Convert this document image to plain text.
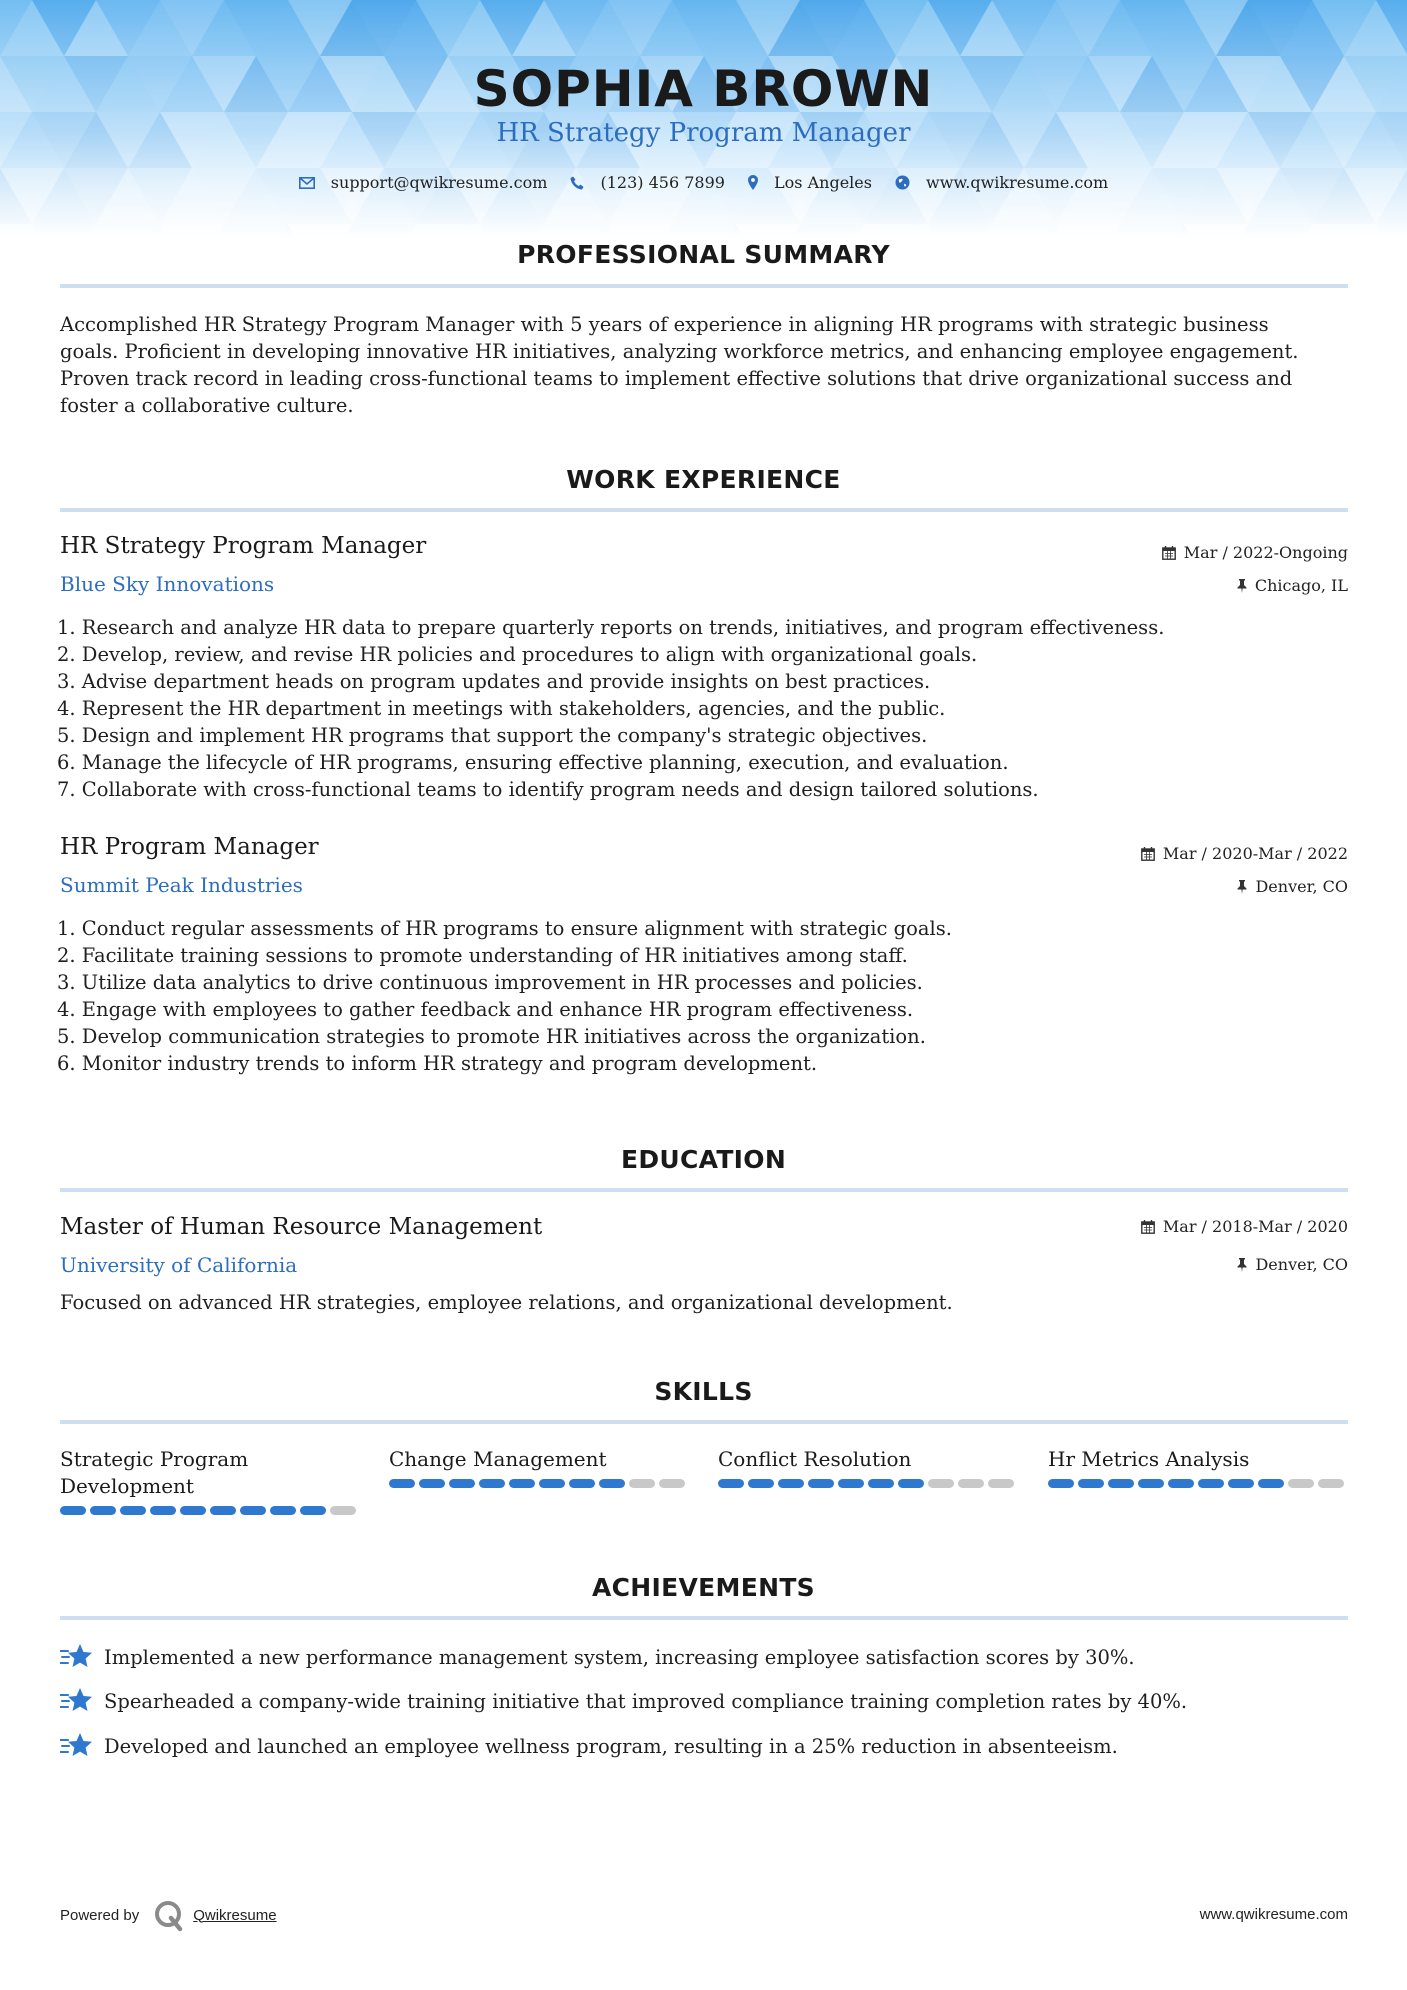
SOPHIA BROWN
HR Strategy Program Manager
support@qwikresume.com
	(123) 456 7899
	Los Angeles
	www.qwikresume.com
PROFESSIONAL SUMMARY
Accomplished HR Strategy Program Manager with 5 years of experience in aligning HR programs with strategic business
goals. Proficient in developing innovative HR initiatives, analyzing workforce metrics, and enhancing employee engagement.
Proven track record in leading cross-functional teams to implement effective solutions that drive organizational success and
foster a collaborative culture.
WORK EXPERIENCE
HR Strategy Program Manager
Blue Sky Innovations
Mar / 2022-Ongoing
Chicago, IL
1. Research and analyze HR data to prepare quarterly reports on trends, initiatives, and program effectiveness.
2. Develop, review, and revise HR policies and procedures to align with organizational goals.
3. Advise department heads on program updates and provide insights on best practices.
4. Represent the HR department in meetings with stakeholders, agencies, and the public.
5. Design and implement HR programs that support the company's strategic objectives.
6. Manage the lifecycle of HR programs, ensuring effective planning, execution, and evaluation.
7. Collaborate with cross-functional teams to identify program needs and design tailored solutions.
HR Program Manager
Summit Peak Industries
Mar / 2020-Mar / 2022
Denver, CO
1. Conduct regular assessments of HR programs to ensure alignment with strategic goals.
2. Facilitate training sessions to promote understanding of HR initiatives among staff.
3. Utilize data analytics to drive continuous improvement in HR processes and policies.
4. Engage with employees to gather feedback and enhance HR program effectiveness.
5. Develop communication strategies to promote HR initiatives across the organization.
6. Monitor industry trends to inform HR strategy and program development.
EDUCATION
Master of Human Resource Management
University of California
Mar / 2018-Mar / 2020
Denver, CO
Focused on advanced HR strategies, employee relations, and organizational development.
SKILLS
Strategic Program
Development
Change Management	Conflict Resolution	Hr Metrics Analysis
ACHIEVEMENTS
Implemented a new performance management system, increasing employee satisfaction scores by 30%.
Spearheaded a company-wide training initiative that improved compliance training completion rates by 40%.
Developed and launched an employee wellness program, resulting in a 25% reduction in absenteeism.
Powered by	Qwikresume	www.qwikresume.com
